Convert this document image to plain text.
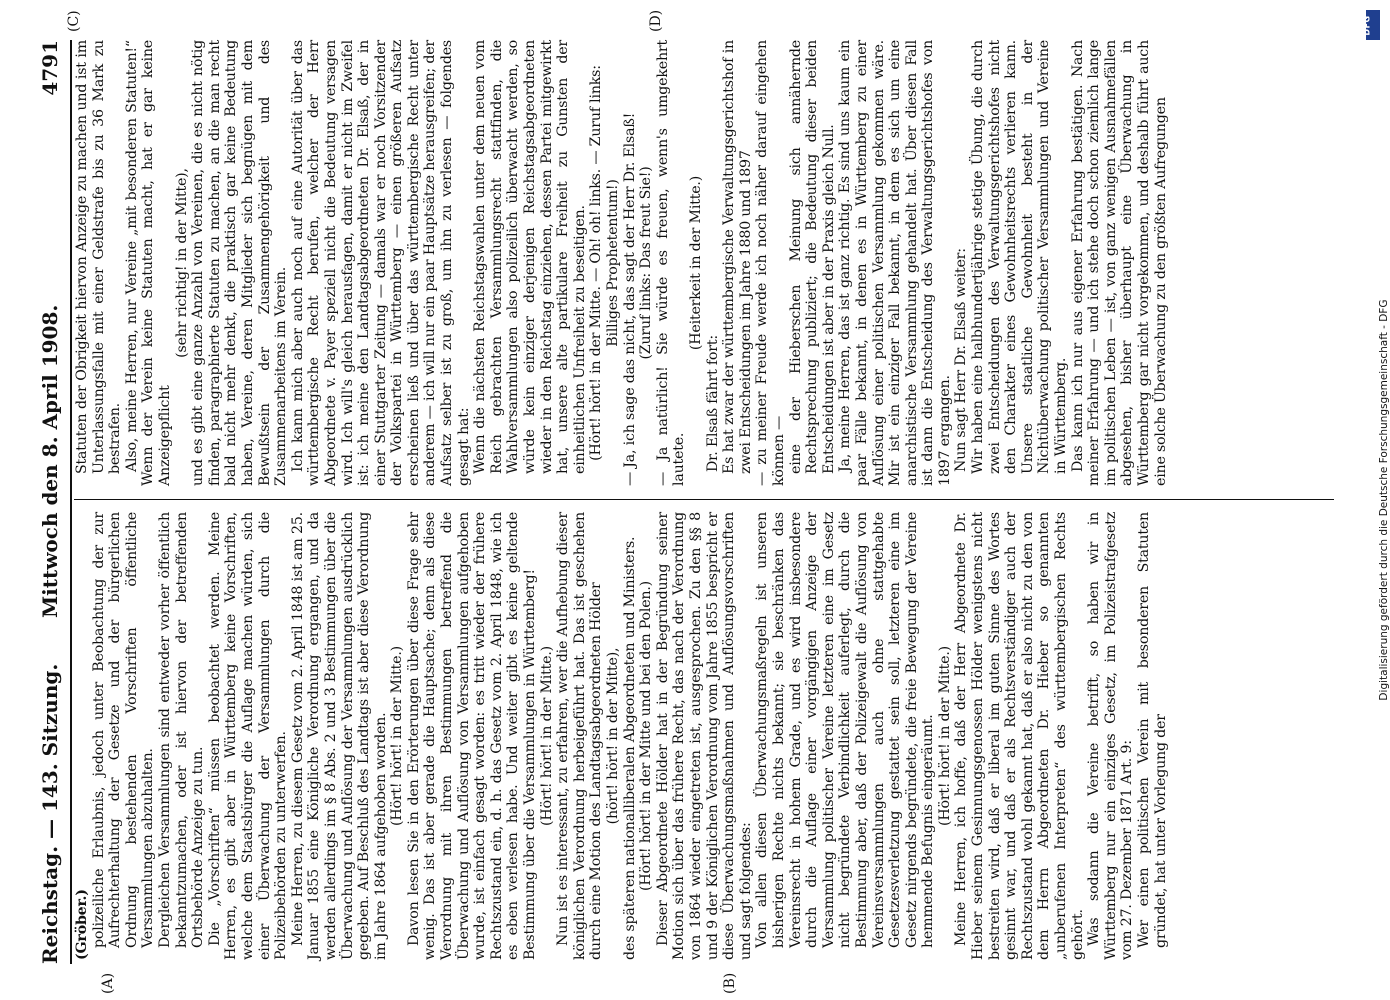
Reichstag. — 143. Sitzung.
Mittwoch den 8. April 1908.
4791
(A)	(B)
(C)	(D)

(Gröber.) polizeiliche Erlaubnis, jedoch unter Beobachtung der zur Aufrechterhaltung der Gesetze und der bürgerlichen Ordnung bestehenden Vorschriften öffentliche Versammlungen abzuhalten. Dergleichen Versammlungen sind entweder vorher öffentlich bekanntzumachen, oder ist hiervon der betreffenden Ortsbehörde Anzeige zu tun. Die „Vorschriften“ müssen beobachtet werden. Meine Herren, es gibt aber in Württemberg keine Vorschriften, welche dem Staatsbürger die Auflage machen würden, sich einer Überwachung der Versammlungen durch die Polizeibehörden zu unterwerfen. Meine Herren, zu diesem Gesetz vom 2. April 1848 ist am 25. Januar 1855 eine Königliche Verordnung ergangen, und da werden allerdings im § 8 Abs. 2 und 3 Bestimmungen über die Überwachung und Auflösung der Versammlungen ausdrücklich gegeben. Auf Beschluß des Landtags ist aber diese Verordnung im Jahre 1864 aufgehoben worden. (Hört! hört! in der Mitte.) Davon lesen Sie in den Erörterungen über diese Frage sehr wenig. Das ist aber gerade die Hauptsache; denn als diese Verordnung mit ihren Bestimmungen betreffend die Überwachung und Auflösung von Versammlungen aufgehoben wurde, ist einfach gesagt worden: es tritt wieder der frühere Rechtszustand ein, d. h. das Gesetz vom 2. April 1848, wie ich es eben verlesen habe. Und weiter gibt es keine geltende Bestimmung über die Versammlungen in Württemberg! (Hört! hört! in der Mitte.) Nun ist es interessant, zu erfahren, wer die Aufhebung dieser königlichen Verordnung herbeigeführt hat. Das ist geschehen durch eine Motion des Landtagsabgeordneten Hölder (hört! hört! in der Mitte), des späteren nationalliberalen Abgeordneten und Ministers. (Hört! hört! in der Mitte und bei den Polen.) Dieser Abgeordnete Hölder hat in der Begründung seiner Motion sich über das frühere Recht, das nach der Verordnung von 1864 wieder eingetreten ist, ausgesprochen. Zu den §§ 8 und 9 der Königlichen Verordnung vom Jahre 1855 bespricht er diese Überwachungsmaßnahmen und Auflösungsvorschriften und sagt folgendes: Von allen diesen Überwachungsmaßregeln ist unseren bisherigen Rechte nichts bekannt; sie beschränken das Vereinsrecht in hohem Grade, und es wird insbesondere durch die Auflage einer vorgängigen Anzeige der Versammlung politischer Vereine letzteren eine im Gesetz nicht begründete Verbindlichkeit auferlegt, durch die Bestimmung aber, daß der Polizeigewalt die Auflösung von Vereinsversammlungen auch ohne stattgehabte Gesetzesverletzung gestattet sein soll, letzteren eine im Gesetz nirgends begründete, die freie Bewegung der Vereine hemmende Befugnis eingeräumt. (Hört! hört! in der Mitte.) Meine Herren, ich hoffe, daß der Herr Abgeordnete Dr. Hieber seinem Gesinnungsgenossen Hölder wenigstens nicht bestreiten wird, daß er liberal im guten Sinne des Wortes gesinnt war, und daß er als Rechtsverständiger auch der Rechtszustand wohl gekannt hat, daß er also nicht zu den von dem Herrn Abgeordneten Dr. Hieber so genannten „unberufenen Interpreten“ des württembergischen Rechts gehört. Was sodann die Vereine betrifft, so haben wir in Württemberg nur ein einziges Gesetz, im Polizeistrafgesetz vom 27. Dezember 1871 Art. 9: Wer einen politischen Verein mit besonderen Statuten gründet, hat unter Vorlegung der

Statuten der Obrigkeit hiervon Anzeige zu machen und ist im Unterlassungsfalle mit einer Geldstrafe bis zu 36 Mark zu bestrafen. Also, meine Herren, nur Vereine „mit besonderen Statuten!“ Wenn der Verein keine Statuten macht, hat er gar keine Anzeigepflicht

(sehr richtig! in der Mitte), und es gibt eine ganze Anzahl von Vereinen, die es nicht nötig finden, paragraphierte Statuten zu machen, an die man recht bald nicht mehr denkt, die praktisch gar keine Bedeutung haben, Vereine, deren Mitglieder sich begnügen mit dem Bewußtsein der Zusammengehörigkeit und des Zusammenarbeitens im Verein. Ich kann mich aber auch noch auf eine Autorität über das württembergische Recht berufen, welcher der Herr Abgeordnete v. Payer speziell nicht die Bedeutung versagen wird. Ich will's gleich herausfagen, damit er nicht im Zweifel ist: ich meine den Landtagsabgeordneten Dr. Elsaß, der in einer Stuttgarter Zeitung — damals war er noch Vorsitzender der Volkspartei in Württemberg — einen größeren Aufsatz erscheinen ließ und über das württembergische Recht unter anderem — ich will nur ein paar Hauptsätze herausgreifen; der Aufsatz selber ist zu groß, um ihn zu verlesen — folgendes gesagt hat: Wenn die nächsten Reichstagswahlen unter dem neuen vom Reich gebrachten Versammlungsrecht stattfinden, die Wahlversammlungen also polizeilich überwacht werden, so würde kein einziger derjenigen Reichstagsabgeordneten wieder in den Reichstag einziehen, dessen Partei mitgewirkt hat, unsere alte partikulare Freiheit zu Gunsten der einheitlichen Unfreiheit zu beseitigen. (Hört! hört! in der Mitte. — Oh! oh! links. — Zuruf links: Billiges Prophetentum!) — Ja, ich sage das nicht, das sagt der Herr Dr. Elsaß! (Zuruf links: Das freut Sie!) — Ja natürlich! Sie würde es freuen, wenn's umgekehrt lautete.

(Heiterkeit in der Mitte.)

Dr. Elsaß fährt fort: Es hat zwar der württembergische Verwaltungsgerichtshof in zwei Entscheidungen im Jahre 1880 und 1897 — zu meiner Freude werde ich noch näher darauf eingehen können — eine der Hieberschen Meinung sich annähernde Rechtsprechung publiziert; die Bedeutung dieser beiden Entscheidungen ist aber in der Praxis gleich Null. Ja, meine Herren, das ist ganz richtig. Es sind uns kaum ein paar Fälle bekannt, in denen es in Württemberg zu einer Auflösung einer politischen Versammlung gekommen wäre. Mir ist ein einziger Fall bekannt, in dem es sich um eine anarchistische Versammlung gehandelt hat. Über diesen Fall ist dann die Entscheidung des Verwaltungsgerichtshofes von 1897 ergangen. Nun sagt Herr Dr. Elsaß weiter: Wir haben eine halbhundertjährige stetige Übung, die durch zwei Entscheidungen des Verwaltungsgerichtshofes nicht den Charakter eines Gewohnheitsrechts verlieren kann. Unsere staatliche Gewohnheit besteht in der Nichtüberwachung politischer Versammlungen und Vereine in Württemberg. Das kann ich nur aus eigener Erfahrung bestätigen. Nach meiner Erfahrung — und ich stehe doch schon ziemlich lange im politischen Leben — ist, von ganz wenigen Ausnahmefällen abgesehen, bisher überhaupt eine Überwachung in Württemberg gar nicht vorgekommen, und deshalb führt auch eine solche Überwachung zu den größten Aufregungen

DFG
Digitalisierung gefördert durch die Deutsche Forschungsgemeinschaft - DFG
